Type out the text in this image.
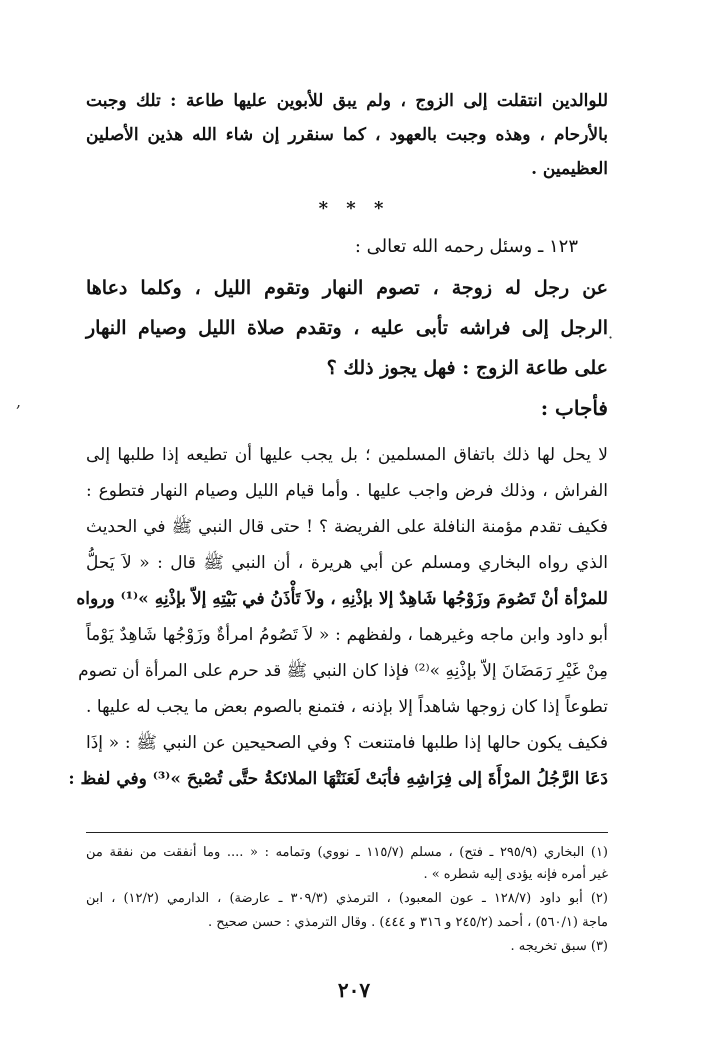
للوالدين انتقلت إلى الزوج ، ولم يبق للأبوين عليها طاعة : تلك وجبت
بالأرحام ، وهذه وجبت بالعهود ، كما سنقرر إن شاء الله هذين الأصلين
العظيمين .
* * *
١٢٣ ـ وسئل رحمه الله تعالى :
عن رجل له زوجة ، تصوم النهار وتقوم الليل ، وكلما دعاها
الرجل إلى فراشه تأبى عليه ، وتقدم صلاة الليل وصيام النهار
على طاعة الزوج : فهل يجوز ذلك ؟
فأجاب :
لا يحل لها ذلك باتفاق المسلمين ؛ بل يجب عليها أن تطيعه إذا طلبها إلى
الفراش ، وذلك فرض واجب عليها . وأما قيام الليل وصيام النهار فتطوع :
فكيف تقدم مؤمنة النافلة على الفريضة ؟ ! حتى قال النبي ﷺ في الحديث
الذي رواه البخاري ومسلم عن أبي هريرة ، أن النبي ﷺ قال : « لاَ يَحلُّ
للمرْأة أنْ تَصُومَ وزَوْجُها شَاهِدٌ إلا بإذْنِهِ ، ولاَ تَأْذَنُ في بَيْتِهِ إلاّ بإذْنِهِ »⁽¹⁾ ورواه
أبو داود وابن ماجه وغيرهما ، ولفظهم : « لاَ تَصُومُ امرأةٌ وزَوْجُها شَاهِدٌ يَوْماً
مِنْ غَيْرِ رَمَضَانَ إلاّ بإذْنِهِ »⁽²⁾ فإذا كان النبي ﷺ قد حرم على المرأة أن تصوم
تطوعاً إذا كان زوجها شاهداً إلا بإذنه ، فتمنع بالصوم بعض ما يجب له عليها .
فكيف يكون حالها إذا طلبها فامتنعت ؟ وفي الصحيحين عن النبي ﷺ : « إذَا
دَعَا الرَّجُلُ المرْأَةَ إلى فِرَاشِهِ فأبَتْ لَعَنَتْهَا الملائكةُ حتَّى تُصْبحَ »⁽³⁾ وفي لفظ :
(١) البخاري (٢٩٥/٩ ـ فتح) ، مسلم (١١٥/٧ ـ نووي) وتمامه : « .... وما أنفقت من نفقة من
غير أمره فإنه يؤدى إليه شطره » .
(٢) أبو داود (١٢٨/٧ ـ عون المعبود) ، الترمذي (٣٠٩/٣ ـ عارضة) ، الدارمي (١٢/٢) ، ابن
ماجة (٥٦٠/١) ، أحمد (٢٤٥/٢ و ٣١٦ و ٤٤٤) . وقال الترمذي : حسن صحيح .
(٣) سبق تخريجه .
٢٠٧
·
,
